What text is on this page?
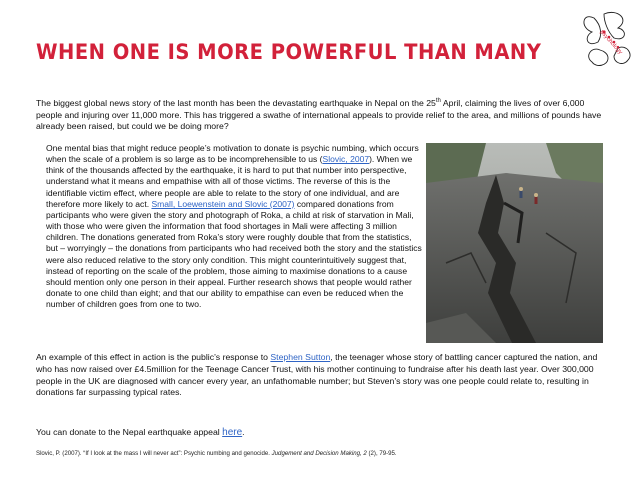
WHEN ONE IS MORE POWERFUL THAN MANY	psychology

The biggest global news story of the last month has been the devastating earthquake in Nepal on the 25th April, claiming the lives of over 6,000 people and injuring over 11,000 more. This has triggered a swathe of international appeals to provide relief to the area, and millions of pounds have already been raised, but could we be doing more?

One mental bias that might reduce people’s motivation to donate is psychic numbing, which occurs when the scale of a problem is so large as to be incomprehensible to us (Slovic, 2007). When we think of the thousands affected by the earthquake, it is hard to put that number into perspective, understand what it means and empathise with all of those victims. The reverse of this is the identifiable victim effect, where people are able to relate to the story of one individual, and are therefore more likely to act. Small, Loewenstein and Slovic (2007) compared donations from participants who were given the story and photograph of Roka, a child at risk of starvation in Mali, with those who were given the information that food shortages in Mali were affecting 3 million children. The donations generated from Roka’s story were roughly double that from the statistics, but – worryingly – the donations from participants who had received both the story and the statistics were also reduced relative to the story only condition. This might counterintuitively suggest that, instead of reporting on the scale of the problem, those aiming to maximise donations to a cause should mention only one person in their appeal. Further research shows that people would rather donate to one child than eight; and that our ability to empathise can even be reduced when the number of children goes from one to two.

An example of this effect in action is the public’s response to Stephen Sutton, the teenager whose story of battling cancer captured the nation, and who has now raised over £4.5million for the Teenage Cancer Trust, with his mother continuing to fundraise after his death last year. Over 300,000 people in the UK are diagnosed with cancer every year, an unfathomable number; but Steven’s story was one people could relate to, resulting in donations far surpassing typical rates.

You can donate to the Nepal earthquake appeal here.

Slovic, P. (2007). “If I look at the mass I will never act”: Psychic numbing and genocide. Judgement and Decision Making, 2 (2), 79-95.
